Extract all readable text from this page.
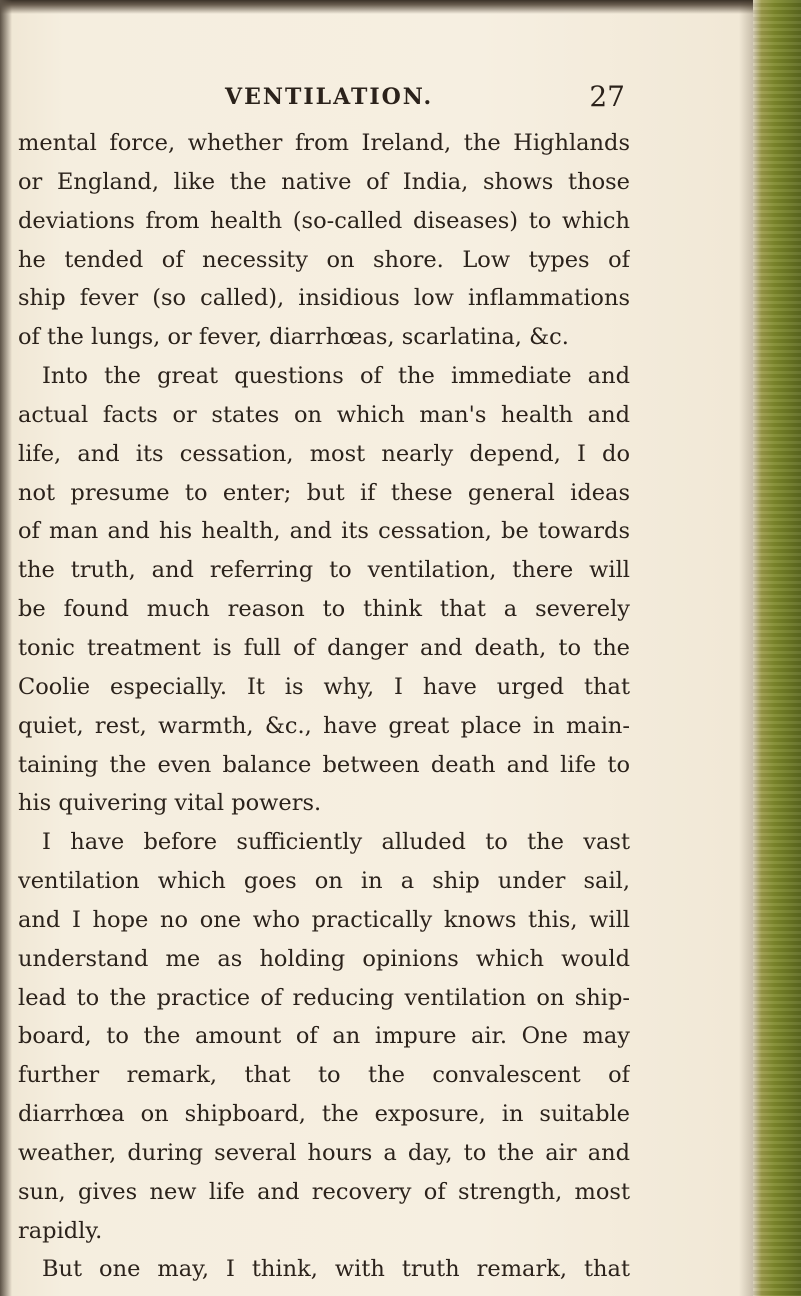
VENTILATION.	27
mental force, whether from Ireland, the Highlands
or England, like the native of India, shows those
deviations from health (so-called diseases) to which
he tended of necessity on shore. Low types of
ship fever (so called), insidious low inflammations
of the lungs, or fever, diarrhœas, scarlatina, &c.
Into the great questions of the immediate and
actual facts or states on which man's health and
life, and its cessation, most nearly depend, I do
not presume to enter; but if these general ideas
of man and his health, and its cessation, be towards
the truth, and referring to ventilation, there will
be found much reason to think that a severely
tonic treatment is full of danger and death, to the
Coolie especially. It is why, I have urged that
quiet, rest, warmth, &c., have great place in main-
taining the even balance between death and life to
his quivering vital powers.
I have before sufficiently alluded to the vast
ventilation which goes on in a ship under sail,
and I hope no one who practically knows this, will
understand me as holding opinions which would
lead to the practice of reducing ventilation on ship-
board, to the amount of an impure air. One may
further remark, that to the convalescent of
diarrhœa on shipboard, the exposure, in suitable
weather, during several hours a day, to the air and
sun, gives new life and recovery of strength, most
rapidly.
But one may, I think, with truth remark, that
